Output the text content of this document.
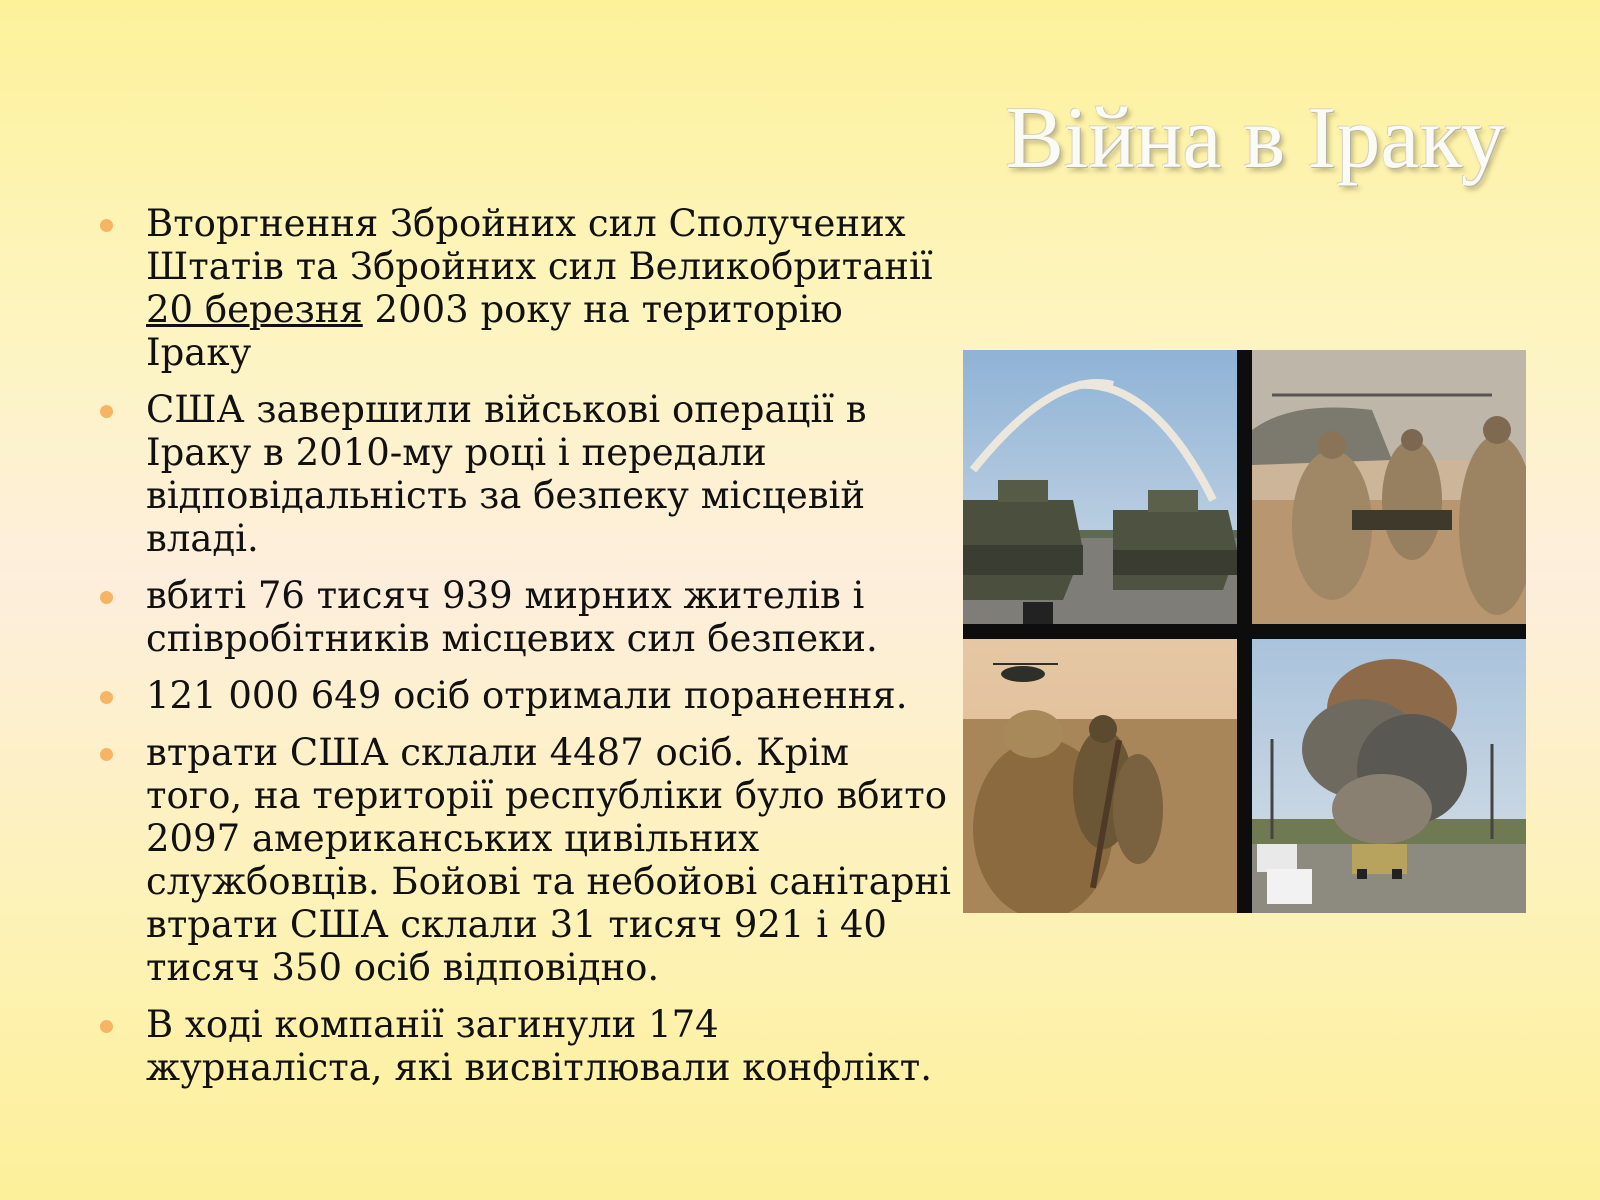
Війна в Іраку
Вторгнення Збройних сил Сполучених Штатів та Збройних сил Великобританії 20 березня 2003 року на територію Іраку
США завершили військові операції в Іраку в 2010-му році і передали відповідальність за безпеку місцевій владі.
вбиті 76 тисяч 939 мирних жителів і співробітників місцевих сил безпеки.
121 000 649 осіб отримали поранення.
втрати США склали 4487 осіб. Крім того, на території республіки було вбито 2097 американських цивільних службовців. Бойові та небойові санітарні втрати США склали 31 тисяч 921 і 40 тисяч 350 осіб відповідно.
В ході компанії загинули 174 журналіста, які висвітлювали конфлікт.
